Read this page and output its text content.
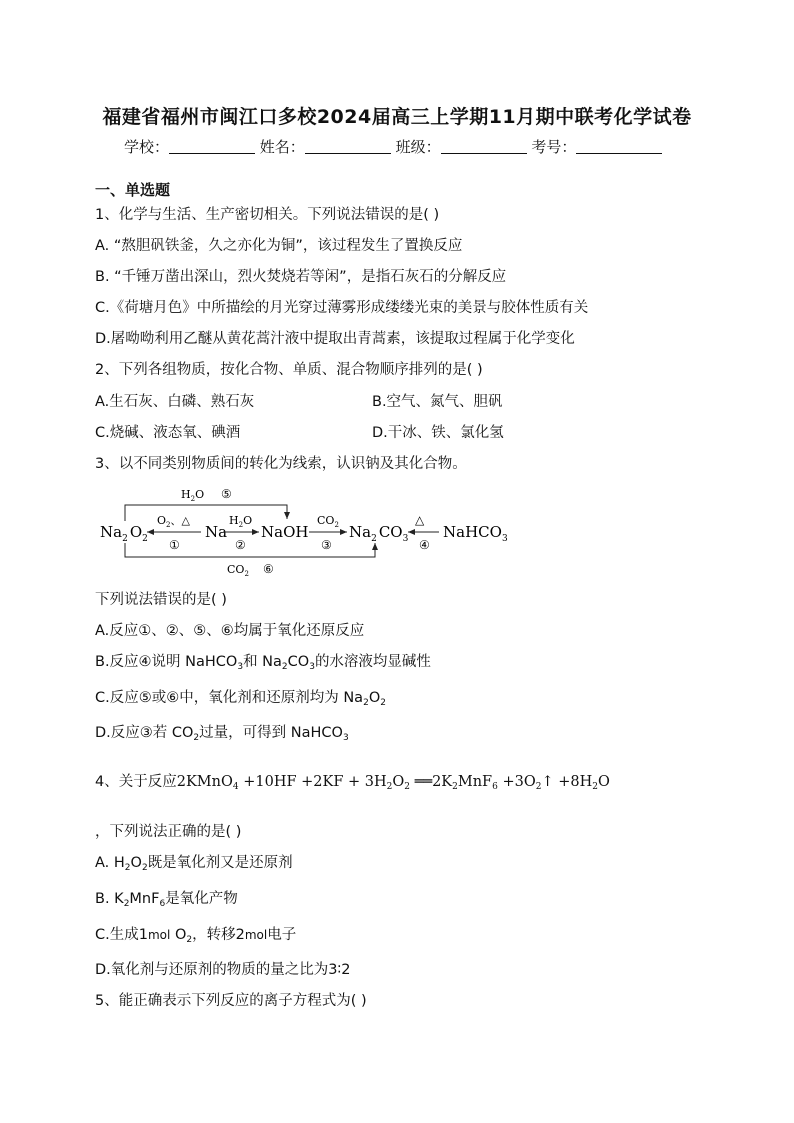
福建省福州市闽江口多校2024届高三上学期11月期中联考化学试卷
学校：	姓名：	班级：	考号：
一、单选题
1、化学与生活、生产密切相关。下列说法错误的是( )
A. “熬胆矾铁釜，久之亦化为铜”，该过程发生了置换反应
B. “千锤万凿出深山，烈火焚烧若等闲”，是指石灰石的分解反应
C.《荷塘月色》中所描绘的月光穿过薄雾形成缕缕光束的美景与胶体性质有关
D.屠呦呦利用乙醚从黄花蒿汁液中提取出青蒿素，该提取过程属于化学变化
2、下列各组物质，按化合物、单质、混合物顺序排列的是( )
A.生石灰、白磷、熟石灰	B.空气、氮气、胆矾
C.烧碱、液态氧、碘酒	D.干冰、铁、氯化氢
3、以不同类别物质间的转化为线索，认识钠及其化合物。
$Na_2$ $O_2$	Na NaOH	$Na_2$ $CO_3$ NaHCO$_3$
$O_2$、△
①
$H_2O$
②
$CO_2$
③
△
④
$H_2O$ ⑤
$CO_2$ ⑥
下列说法错误的是( )
A.反应①、②、⑤、⑥均属于氧化还原反应
B.反应④说明 NaHCO$_3$和 $Na_2CO_3$的水溶液均显碱性
C.反应⑤或⑥中，氧化剂和还原剂均为 $Na_2O_2$
D.反应③若 $CO_2$过量，可得到 NaHCO$_3$
4、关于反应2KMnO$_4$ $+10HF +2KF + 3H_2O_2$ $══2K_2MnF_6$ $+3O_2↑ +8H_2O$
，下列说法正确的是( )
A. $H_2O_2$既是氧化剂又是还原剂
B. $K_2MnF_6$是氧化产物
C.生成1mol $O_2$，转移2mol电子
D.氧化剂与还原剂的物质的量之比为3∶2
5、能正确表示下列反应的离子方程式为( )
